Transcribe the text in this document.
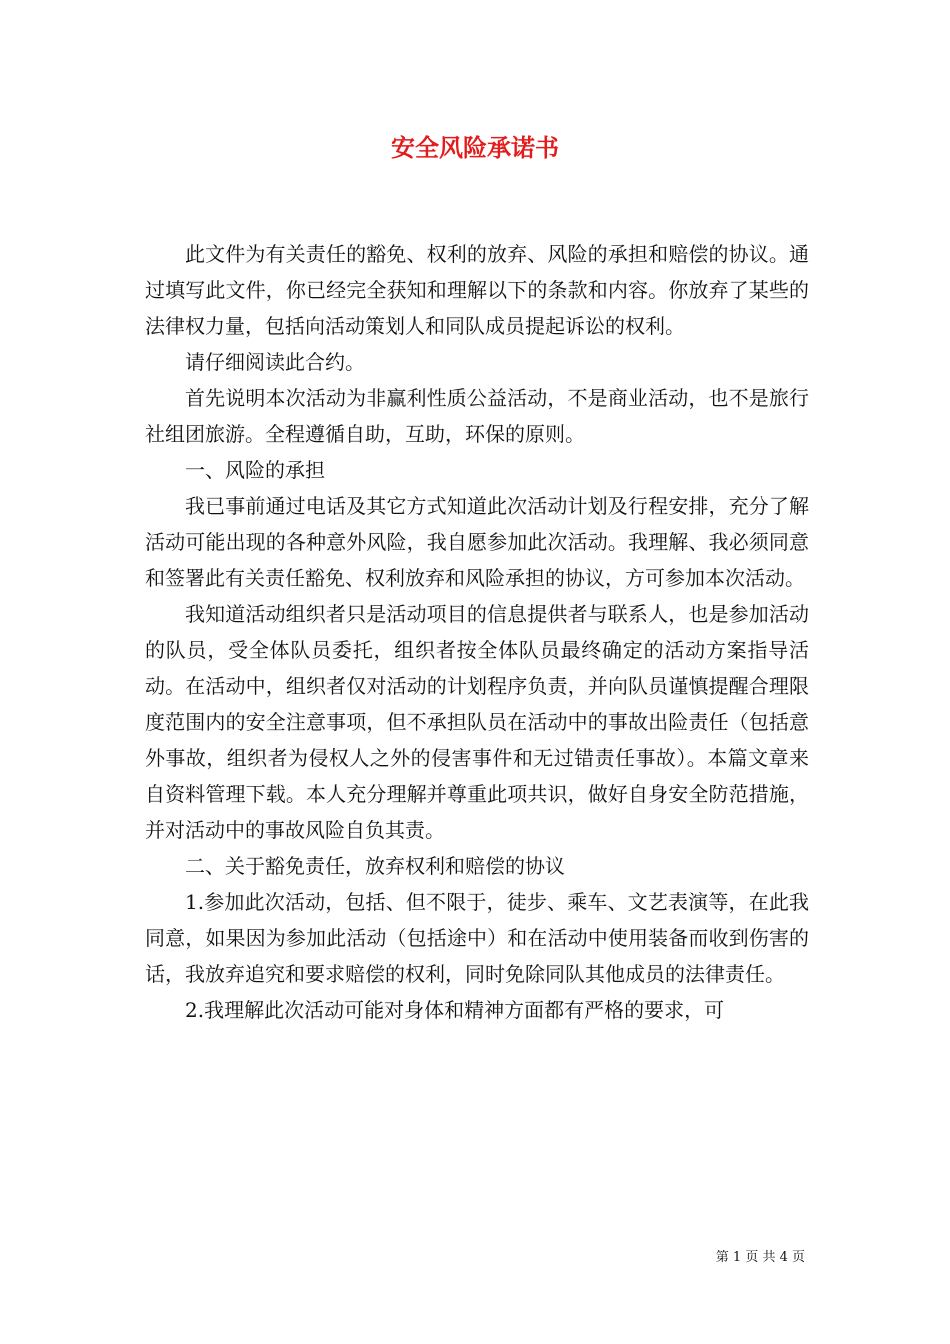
安全风险承诺书

此文件为有关责任的豁免、权利的放弃、风险的承担和赔偿的协议。通过填写此文件，你已经完全获知和理解以下的条款和内容。你放弃了某些的法律权力量，包括向活动策划人和同队成员提起诉讼的权利。

请仔细阅读此合约。

首先说明本次活动为非赢利性质公益活动，不是商业活动，也不是旅行社组团旅游。全程遵循自助，互助，环保的原则。

一、风险的承担

我已事前通过电话及其它方式知道此次活动计划及行程安排，充分了解活动可能出现的各种意外风险，我自愿参加此次活动。我理解、我必须同意和签署此有关责任豁免、权利放弃和风险承担的协议，方可参加本次活动。

我知道活动组织者只是活动项目的信息提供者与联系人，也是参加活动的队员，受全体队员委托，组织者按全体队员最终确定的活动方案指导活动。在活动中，组织者仅对活动的计划程序负责，并向队员谨慎提醒合理限度范围内的安全注意事项，但不承担队员在活动中的事故出险责任（包括意外事故，组织者为侵权人之外的侵害事件和无过错责任事故）。本篇文章来自资料管理下载。本人充分理解并尊重此项共识，做好自身安全防范措施，并对活动中的事故风险自负其责。

二、关于豁免责任，放弃权利和赔偿的协议

1.参加此次活动，包括、但不限于，徒步、乘车、文艺表演等，在此我同意，如果因为参加此活动（包括途中）和在活动中使用装备而收到伤害的话，我放弃追究和要求赔偿的权利，同时免除同队其他成员的法律责任。

2.我理解此次活动可能对身体和精神方面都有严格的要求，可

第 1 页 共 4 页
